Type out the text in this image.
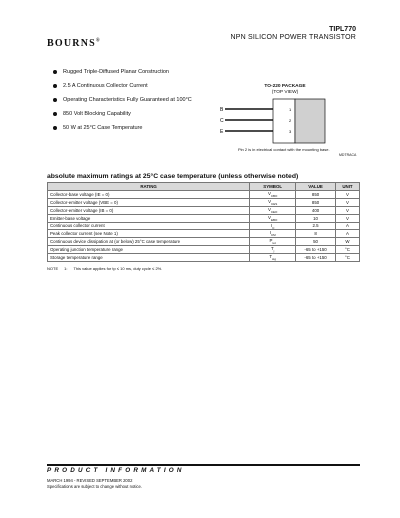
TIPL770
NPN SILICON POWER TRANSISTOR
BOURNS®
Rugged Triple-Diffused Planar Construction
2.5 A Continuous Collector Current
Operating Characteristics Fully Guaranteed at 100°C
850 Volt Blocking Capability
50 W at 25°C Case Temperature
TO-220 PACKAGE
(TOP VIEW)
B
C
E
1
2
3
Pin 2 is in electrical contact with the mounting base.
MDTRACA
absolute maximum ratings at 25°C case temperature (unless otherwise noted)
RATING	SYMBOL	VALUE	UNIT
Collector-base voltage (IE = 0)	$V_{CBO}$	850	V
Collector-emitter voltage (VBE = 0)	$V_{CES}$	850	V
Collector-emitter voltage (IB = 0)	$V_{CEO}$	400	V
Emitter-base voltage	$V_{EBO}$	10	V
Continuous collector current	$I_C$	2.5	A
Peak collector current (see Note 1)	$I_{CM}$	8	A
Continuous device dissipation at (or below) 25°C case temperature	$P_{tot}$	50	W
Operating junction temperature range	$T_j$	-65 to +150	°C
Storage temperature range	$T_{stg}$	-65 to +150	°C
NOTE 1: This value applies for tp ≤ 10 ms, duty cycle ≤ 2%.
PRODUCT INFORMATION
MARCH 1994 - REVISED SEPTEMBER 2002
Specifications are subject to change without notice.
